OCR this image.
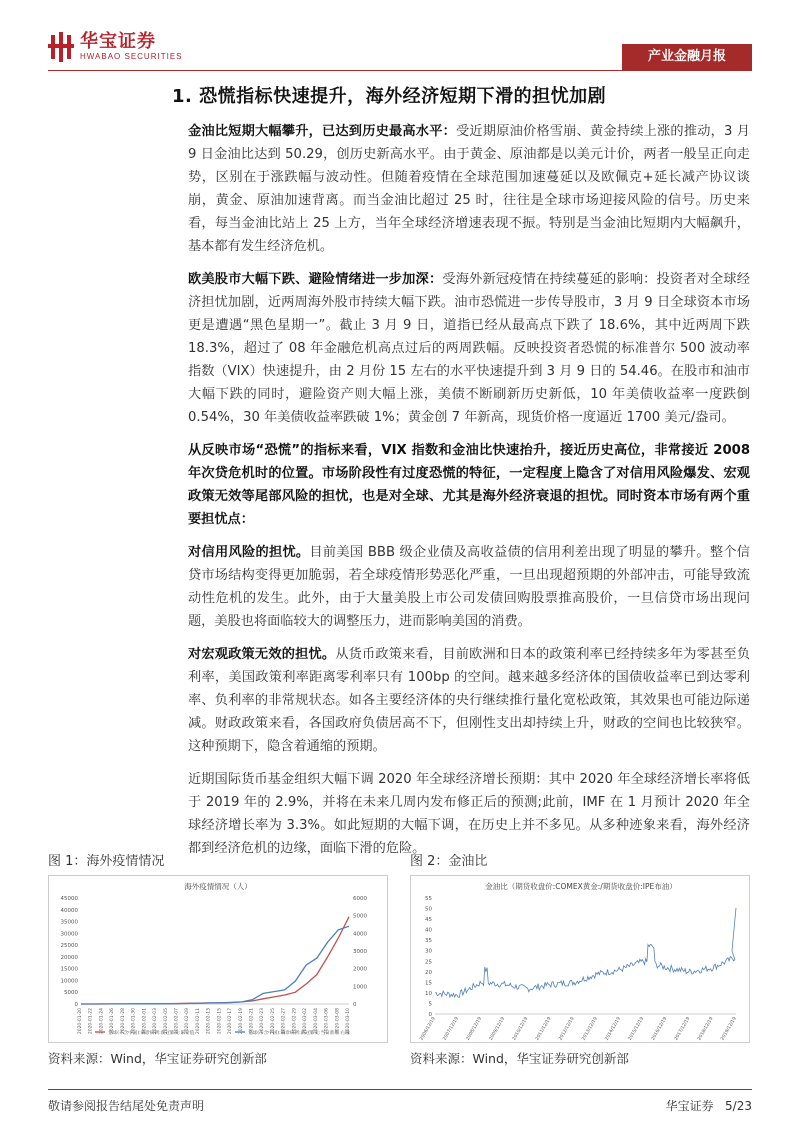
华宝证券
HWABAO SECURITIES	产业金融月报
1. 恐慌指标快速提升，海外经济短期下滑的担忧加剧

金油比短期大幅攀升，已达到历史最高水平：受近期原油价格雪崩、黄金持续上涨的推动，3 月 9 日金油比达到 50.29，创历史新高水平。由于黄金、原油都是以美元计价，两者一般呈正向走势，区别在于涨跌幅与波动性。但随着疫情在全球范围加速蔓延以及欧佩克+延长减产协议谈崩，黄金、原油加速背离。而当金油比超过 25 时，往往是全球市场迎接风险的信号。历史来看，每当金油比站上 25 上方，当年全球经济增速表现不振。特别是当金油比短期内大幅飙升，基本都有发生经济危机。

欧美股市大幅下跌、避险情绪进一步加深：受海外新冠疫情在持续蔓延的影响：投资者对全球经济担忧加剧，近两周海外股市持续大幅下跌。油市恐慌进一步传导股市，3 月 9 日全球资本市场更是遭遇“黑色星期一”。截止 3 月 9 日，道指已经从最高点下跌了 18.6%，其中近两周下跌 18.3%，超过了 08 年金融危机高点过后的两周跌幅。反映投资者恐慌的标准普尔 500 波动率指数（VIX）快速提升，由 2 月份 15 左右的水平快速提升到 3 月 9 日的 54.46。在股市和油市大幅下跌的同时，避险资产则大幅上涨，美债不断刷新历史新低，10 年美债收益率一度跌倒 0.54%，30 年美债收益率跌破 1%；黄金创 7 年新高，现货价格一度逼近 1700 美元/盎司。

从反映市场“恐慌”的指标来看，VIX 指数和金油比快速抬升，接近历史高位，非常接近 2008 年次贷危机时的位置。市场阶段性有过度恐慌的特征，一定程度上隐含了对信用风险爆发、宏观政策无效等尾部风险的担忧，也是对全球、尤其是海外经济衰退的担忧。同时资本市场有两个重要担忧点：

对信用风险的担忧。目前美国 BBB 级企业债及高收益债的信用利差出现了明显的攀升。整个信贷市场结构变得更加脆弱，若全球疫情形势恶化严重，一旦出现超预期的外部冲击，可能导致流动性危机的发生。此外，由于大量美股上市公司发债回购股票推高股价，一旦信贷市场出现问题，美股也将面临较大的调整压力，进而影响美国的消费。

对宏观政策无效的担忧。从货币政策来看，目前欧洲和日本的政策利率已经持续多年为零甚至负利率，美国政策利率距离零利率只有 100bp 的空间。越来越多经济体的国债收益率已到达零利率、负利率的非常规状态。如各主要经济体的央行继续推行量化宽松政策，其效果也可能边际递减。财政政策来看，各国政府负债居高不下，但刚性支出却持续上升，财政的空间也比较狭窄。这种预期下，隐含着通缩的预期。

近期国际货币基金组织大幅下调 2020 年全球经济增长预期：其中 2020 年全球经济增长率将低于 2019 年的 2.9%，并将在未来几周内发布修正后的预测;此前，IMF 在 1 月预计 2020 年全球经济增长率为 3.3%。如此短期的大幅下调，在历史上并不多见。从多种迹象来看，海外经济都到经济危机的边缘，面临下滑的危险。

图 1：海外疫情情况
海外疫情情况（人）
0
5000
10000
15000
20000
25000
30000
35000
40000
45000
0
1000
2000
3000
4000
5000
6000
2020-01-20 2020-01-22 2020-01-24 2020-01-26 2020-01-28 2020-01-30 2020-02-01 2020-02-03 2020-02-05 2020-02-07 2020-02-09 2020-02-11 2020-02-13 2020-02-15 2020-02-17 2020-02-19 2020-02-21 2020-02-23 2020-02-25 2020-02-27 2020-02-29 2020-03-02 2020-03-04 2020-03-06 2020-03-08 2020-03-10
全球(不含中国):确诊病例:新冠肺炎:累计值	全球(不含中国):确诊病例:新冠肺炎:当日新增 右轴
资料来源：Wind，华宝证券研究创新部
图 2：金油比
金油比（期货收盘价:COMEX黄金:/期货收盘价:IPE布油）
0
5
10
15
20
25
30
35
40
45
50
55
2006/12/19 2007/12/19 2008/12/19 2009/12/19 2010/12/19 2011/12/19 2012/12/19 2013/12/19 2014/12/19 2015/12/19 2016/12/19 2017/12/19 2018/12/19 2019/12/19
资料来源：Wind，华宝证券研究创新部
敬请参阅报告结尾处免责声明	华宝证券 5/23
